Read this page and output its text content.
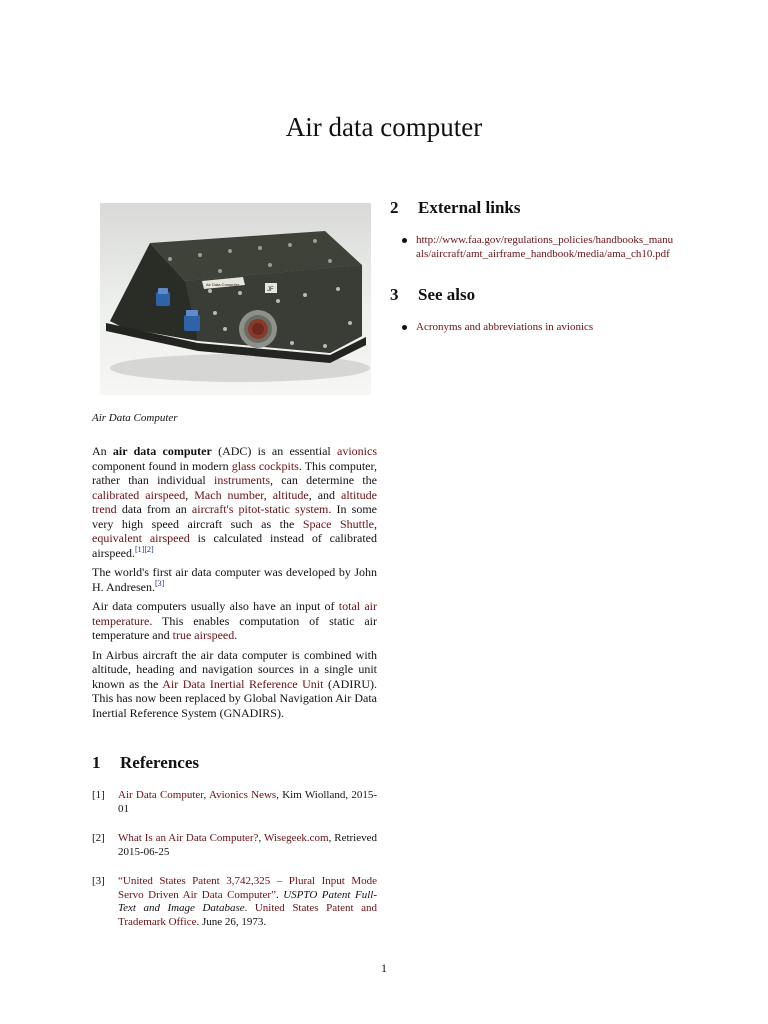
Air data computer
Air Data Computer
JF
Air Data Computer

An air data computer (ADC) is an essential avionics component found in modern glass cockpits. This computer, rather than individual instruments, can determine the calibrated airspeed, Mach number, altitude, and altitude trend data from an aircraft's pitot-static system. In some very high speed aircraft such as the Space Shuttle, equivalent airspeed is calculated instead of calibrated airspeed.[1][2]

The world's first air data computer was developed by John H. Andresen.[3]

Air data computers usually also have an input of total air temperature. This enables computation of static air temperature and true airspeed.

In Airbus aircraft the air data computer is combined with altitude, heading and navigation sources in a single unit known as the Air Data Inertial Reference Unit (ADIRU). This has now been replaced by Global Navigation Air Data Inertial Reference System (GNADIRS).

1	References
[1]	Air Data Computer, Avionics News, Kim Wiolland, 2015-01
[2]	What Is an Air Data Computer?, Wisegeek.com, Retrieved 2015-06-25
[3]	“United States Patent 3,742,325 – Plural Input Mode Servo Driven Air Data Computer”. USPTO Patent Full-Text and Image Database. United States Patent and Trademark Office. June 26, 1973.
2	External links
http://www.faa.gov/regulations_policies/handbooks_manuals/aircraft/amt_airframe_handbook/media/ama_ch10.pdf
3	See also
Acronyms and abbreviations in avionics
1
